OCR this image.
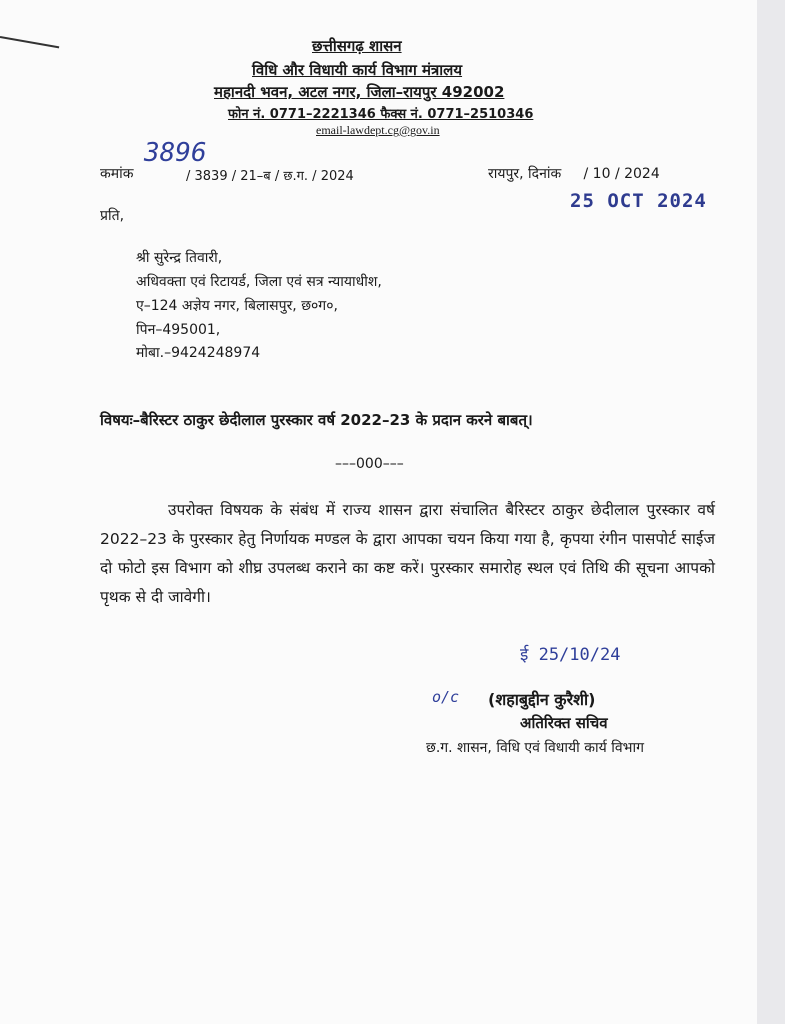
छत्तीसगढ़ शासन
विधि और विधायी कार्य विभाग मंत्रालय
महानदी भवन, अटल नगर, जिला–रायपुर 492002
फोन नं. 0771–2221346 फैक्स नं. 0771–2510346
email-lawdept.cg@gov.in
कमांक
3896
/ 3839 / 21–ब / छ.ग. / 2024	रायपुर, दिनांक     / 10 / 2024
25 OCT 2024
प्रति,
श्री सुरेन्द्र तिवारी,
अधिवक्ता एवं रिटायर्ड, जिला एवं सत्र न्यायाधीश,
ए–124 अज्ञेय नगर, बिलासपुर, छ०ग०,
पिन–495001,
मोबा.–9424248974
विषयः–बैरिस्टर ठाकुर छेदीलाल पुरस्कार वर्ष 2022–23 के प्रदान करने बाबत्।
–––000–––
उपरोक्त विषयक के संबंध में राज्य शासन द्वारा संचालित बैरिस्टर ठाकुर छेदीलाल पुरस्कार वर्ष 2022–23 के पुरस्कार हेतु निर्णायक मण्डल के द्वारा आपका चयन किया गया है, कृपया रंगीन पासपोर्ट साईज दो फोटो इस विभाग को शीघ्र उपलब्ध कराने का कष्ट करें। पुरस्कार समारोह स्थल एवं तिथि की सूचना आपको पृथक से दी जावेगी।
ई 25/10/24
o/c (शहाबुद्दीन कुरैशी)
अतिरिक्त सचिव
छ.ग. शासन, विधि एवं विधायी कार्य विभाग
